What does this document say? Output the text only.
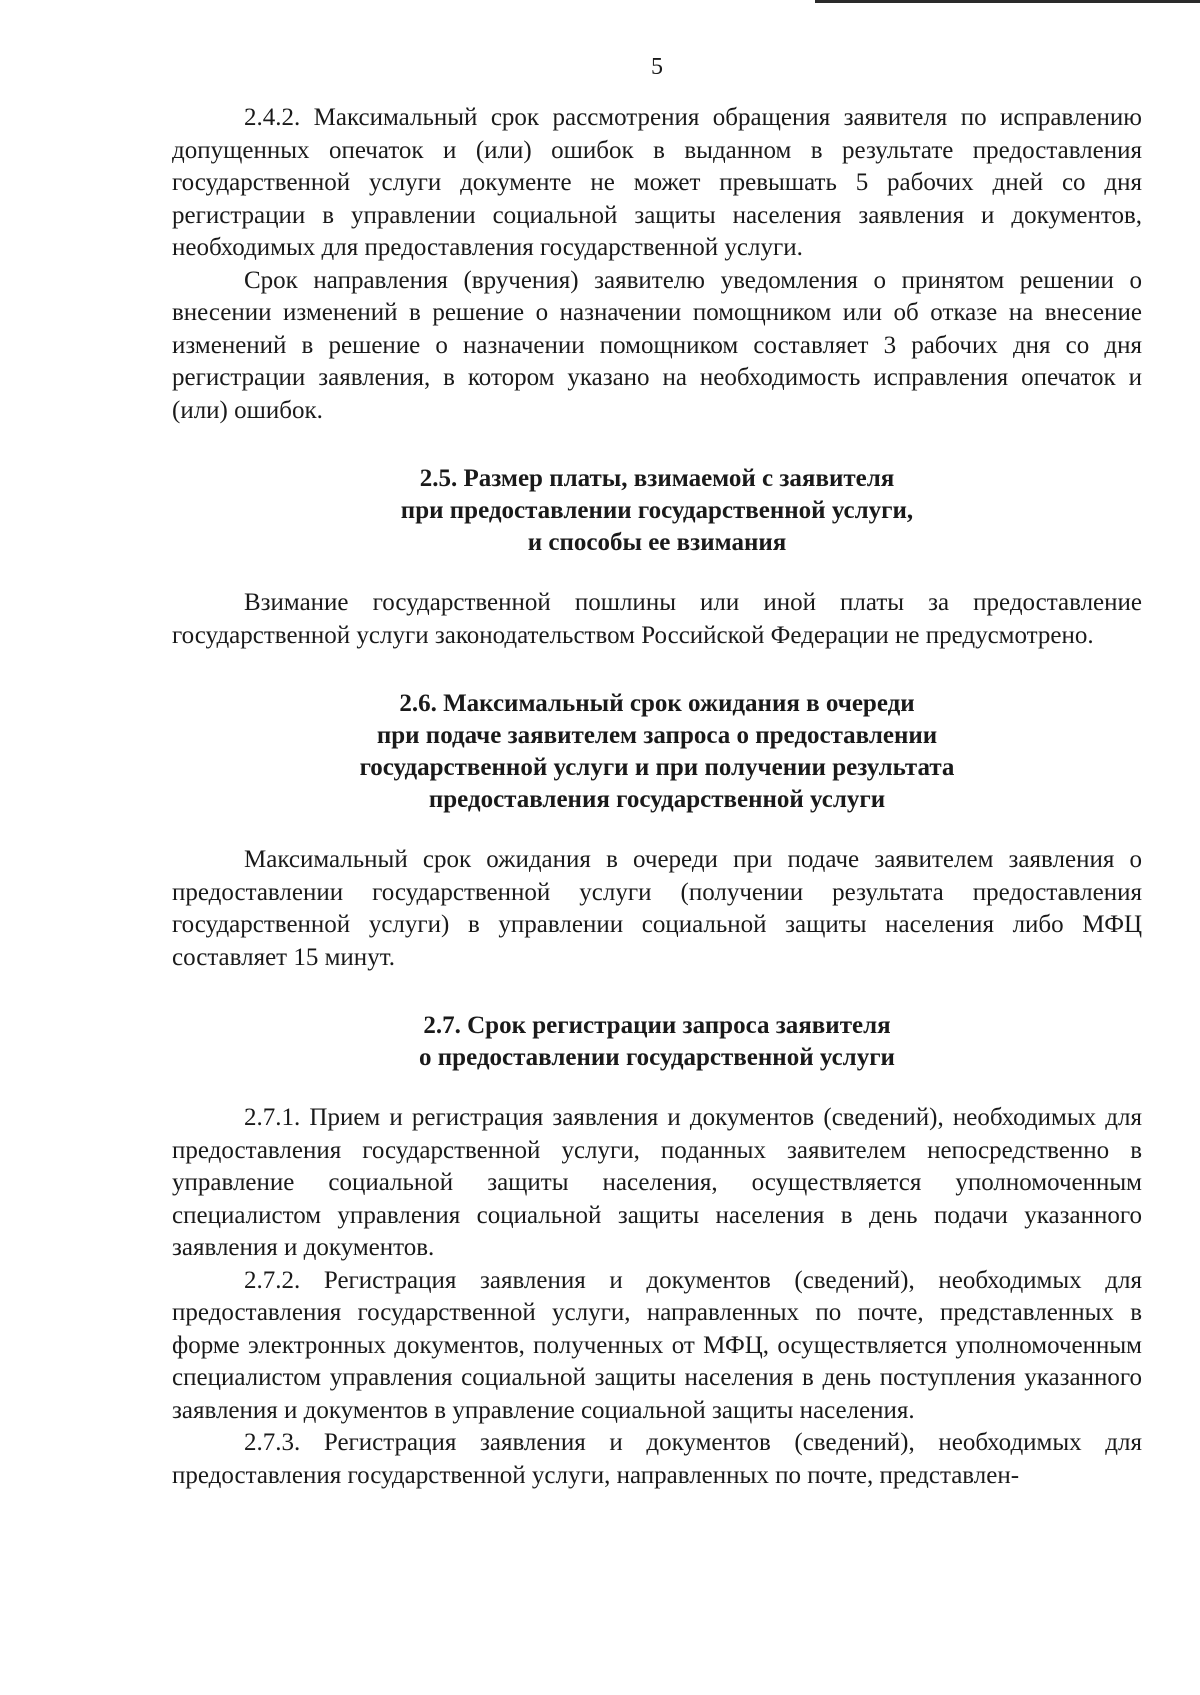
5

2.4.2. Максимальный срок рассмотрения обращения заявителя по исправлению допущенных опечаток и (или) ошибок в выданном в результате предоставления государственной услуги документе не может превышать 5 рабочих дней со дня регистрации в управлении социальной защиты населения заявления и документов, необходимых для предоставления государственной услуги.

Срок направления (вручения) заявителю уведомления о принятом решении о внесении изменений в решение о назначении помощником или об отказе на внесение изменений в решение о назначении помощником составляет 3 рабочих дня со дня регистрации заявления, в котором указано на необходимость исправления опечаток и (или) ошибок.

2.5. Размер платы, взимаемой с заявителя
при предоставлении государственной услуги,
и способы ее взимания

Взимание государственной пошлины или иной платы за предоставление государственной услуги законодательством Российской Федерации не предусмотрено.

2.6. Максимальный срок ожидания в очереди
при подаче заявителем запроса о предоставлении
государственной услуги и при получении результата
предоставления государственной услуги

Максимальный срок ожидания в очереди при подаче заявителем заявления о предоставлении государственной услуги (получении результата предоставления государственной услуги) в управлении социальной защиты населения либо МФЦ составляет 15 минут.

2.7. Срок регистрации запроса заявителя
о предоставлении государственной услуги

2.7.1. Прием и регистрация заявления и документов (сведений), необходимых для предоставления государственной услуги, поданных заявителем непосредственно в управление социальной защиты населения, осуществляется уполномоченным специалистом управления социальной защиты населения в день подачи указанного заявления и документов.

2.7.2. Регистрация заявления и документов (сведений), необходимых для предоставления государственной услуги, направленных по почте, представленных в форме электронных документов, полученных от МФЦ, осуществляется уполномоченным специалистом управления социальной защиты населения в день поступления указанного заявления и документов в управление социальной защиты населения.

2.7.3. Регистрация заявления и документов (сведений), необходимых для предоставления государственной услуги, направленных по почте, представлен-
